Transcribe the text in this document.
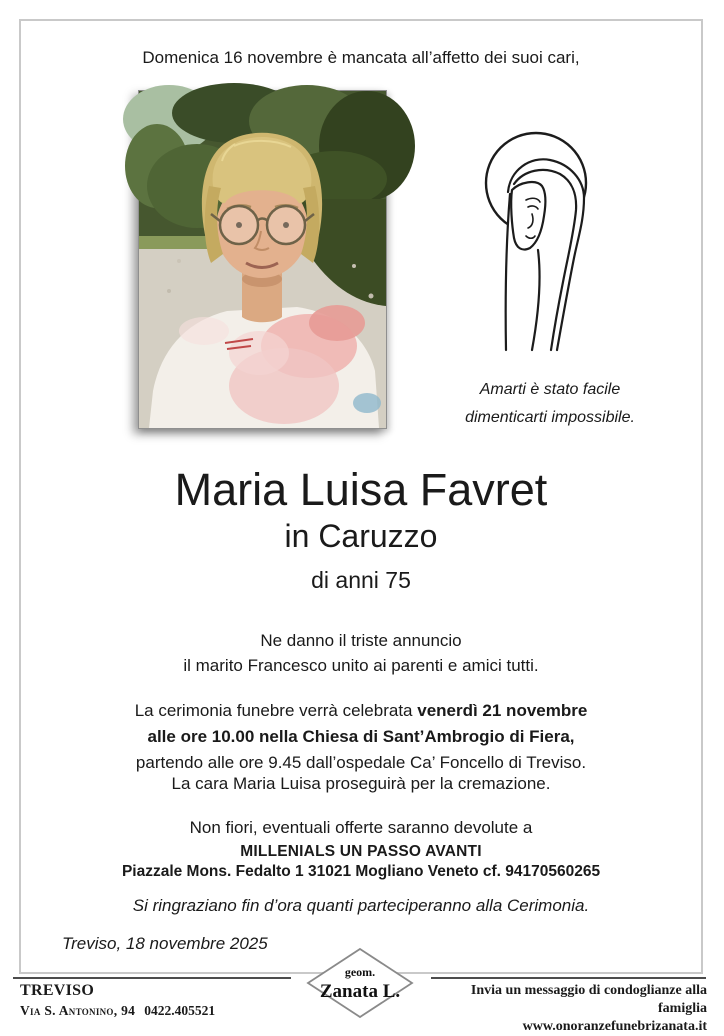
Domenica 16 novembre è mancata all’affetto dei suoi cari,
Amarti è stato facile
dimenticarti impossibile.
Maria Luisa Favret
in Caruzzo
di anni 75
Ne danno il triste annuncio
il marito Francesco unito ai parenti e amici tutti.
La cerimonia funebre verrà celebrata venerdì 21 novembre
alle ore 10.00 nella Chiesa di Sant’Ambrogio di Fiera,
partendo alle ore 9.45 dall’ospedale Ca’ Foncello di Treviso.
La cara Maria Luisa proseguirà per la cremazione.
Non fiori, eventuali offerte saranno devolute a
MILLENIALS UN PASSO AVANTI
Piazzale Mons. Fedalto 1 31021 Mogliano Veneto cf. 94170560265
Si ringraziano fin d’ora quanti parteciperanno alla Cerimonia.
Treviso, 18 novembre 2025
geom.
Zanata L.
TREVISO
Via S. Antonino, 94 0422.405521
Invia un messaggio di condoglianze alla famiglia
www.onoranzefunebrizanata.it
